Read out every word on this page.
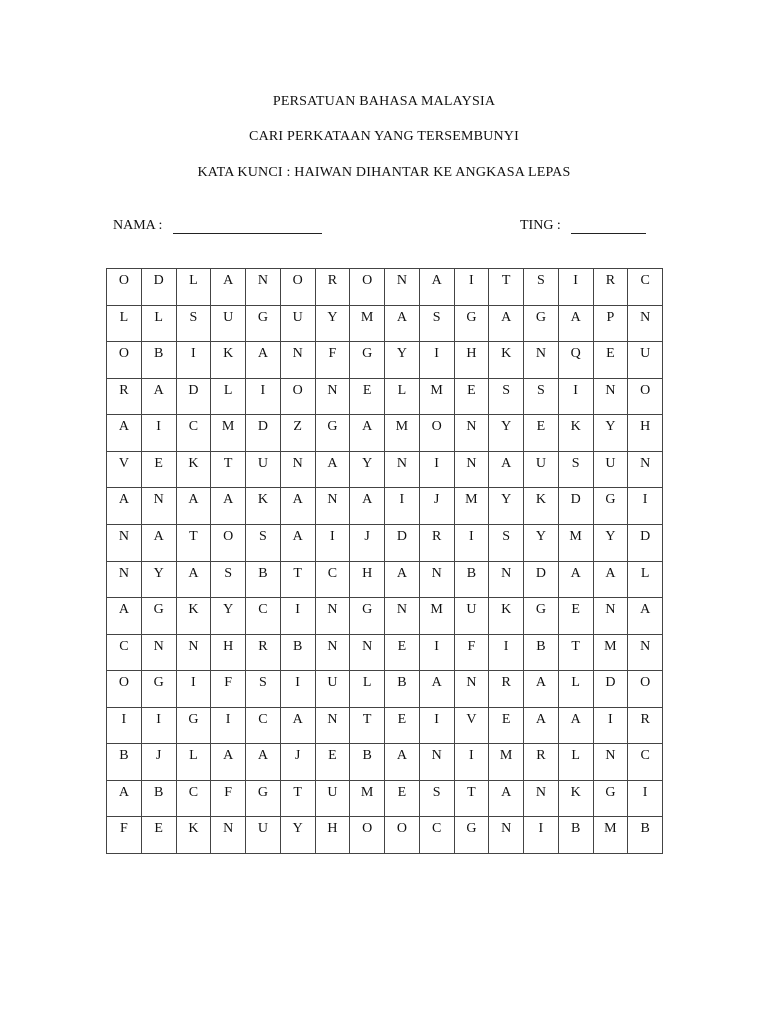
PERSATUAN BAHASA MALAYSIA
CARI PERKATAAN YANG TERSEMBUNYI
KATA KUNCI : HAIWAN DIHANTAR KE ANGKASA LEPAS
NAMA :	TING :
O	D	L	A	N	O	R	O	N	A	I	T	S	I	R	C
L	L	S	U	G	U	Y	M	A	S	G	A	G	A	P	N
O	B	I	K	A	N	F	G	Y	I	H	K	N	Q	E	U
R	A	D	L	I	O	N	E	L	M	E	S	S	I	N	O
A	I	C	M	D	Z	G	A	M	O	N	Y	E	K	Y	H
V	E	K	T	U	N	A	Y	N	I	N	A	U	S	U	N
A	N	A	A	K	A	N	A	I	J	M	Y	K	D	G	I
N	A	T	O	S	A	I	J	D	R	I	S	Y	M	Y	D
N	Y	A	S	B	T	C	H	A	N	B	N	D	A	A	L
A	G	K	Y	C	I	N	G	N	M	U	K	G	E	N	A
C	N	N	H	R	B	N	N	E	I	F	I	B	T	M	N
O	G	I	F	S	I	U	L	B	A	N	R	A	L	D	O
I	I	G	I	C	A	N	T	E	I	V	E	A	A	I	R
B	J	L	A	A	J	E	B	A	N	I	M	R	L	N	C
A	B	C	F	G	T	U	M	E	S	T	A	N	K	G	I
F	E	K	N	U	Y	H	O	O	C	G	N	I	B	M	B
